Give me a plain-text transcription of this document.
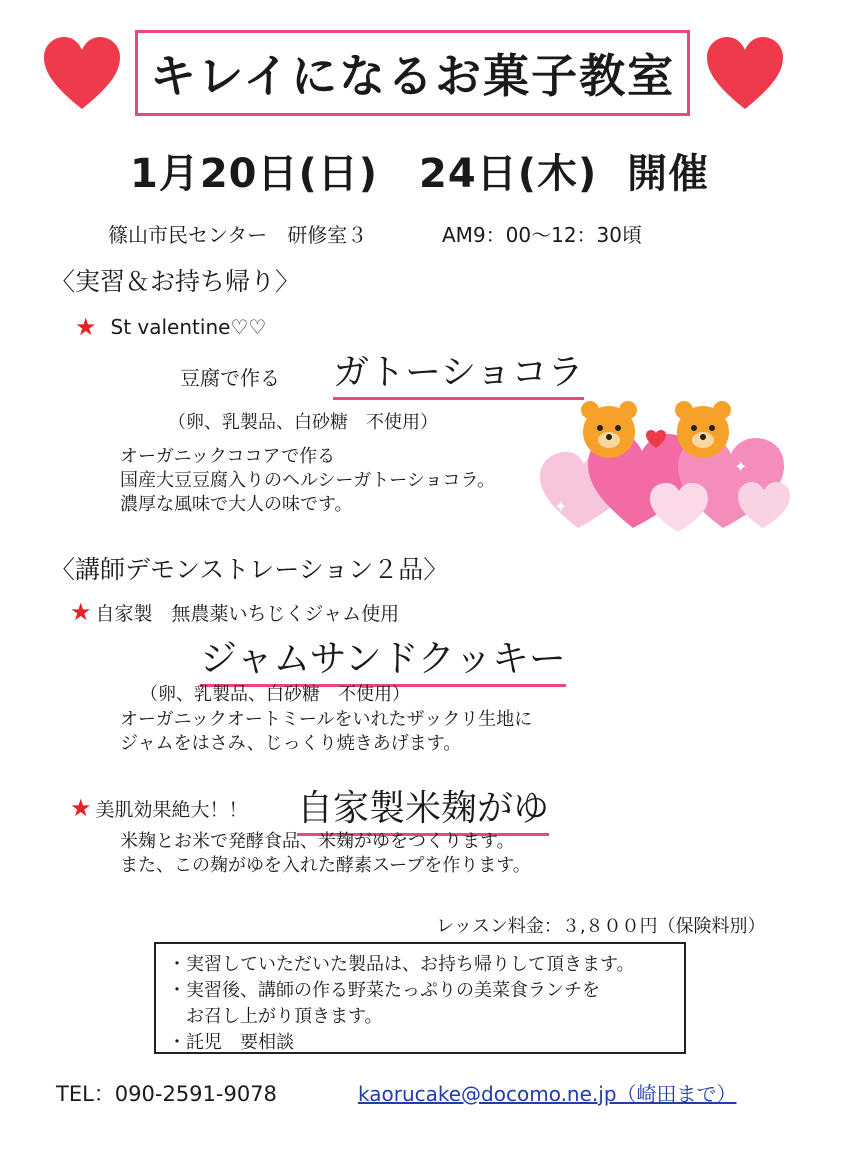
キレイになるお菓子教室
1月20日(日)　24日(木)  開催
篠山市民センター　研修室３	AM9：00～12：30頃
〈実習＆お持ち帰り〉
★ St valentine♡♡
豆腐で作る ガトーショコラ
（卵、乳製品、白砂糖　不使用）
オーガニックココアで作る
国産大豆豆腐入りのヘルシーガトーショコラ。
濃厚な風味で大人の味です。	✦
✦
〈講師デモンストレーション２品〉
★ 自家製　無農薬いちじくジャム使用
ジャムサンドクッキー
（卵、乳製品、白砂糖　不使用）
オーガニックオートミールをいれたザックリ生地に
ジャムをはさみ、じっくり焼きあげます。
★ 美肌効果絶大！！ 自家製米麹がゆ
米麹とお米で発酵食品、米麹がゆをつくります。
また、この麹がゆを入れた酵素スープを作ります。
レッスン料金：３,８００円（保険料別）
・実習していただいた製品は、お持ち帰りして頂きます。
・実習後、講師の作る野菜たっぷりの美菜食ランチを
　お召し上がり頂きます。
・託児　要相談
TEL：090-2591-9078	kaorucake@docomo.ne.jp（崎田まで）
